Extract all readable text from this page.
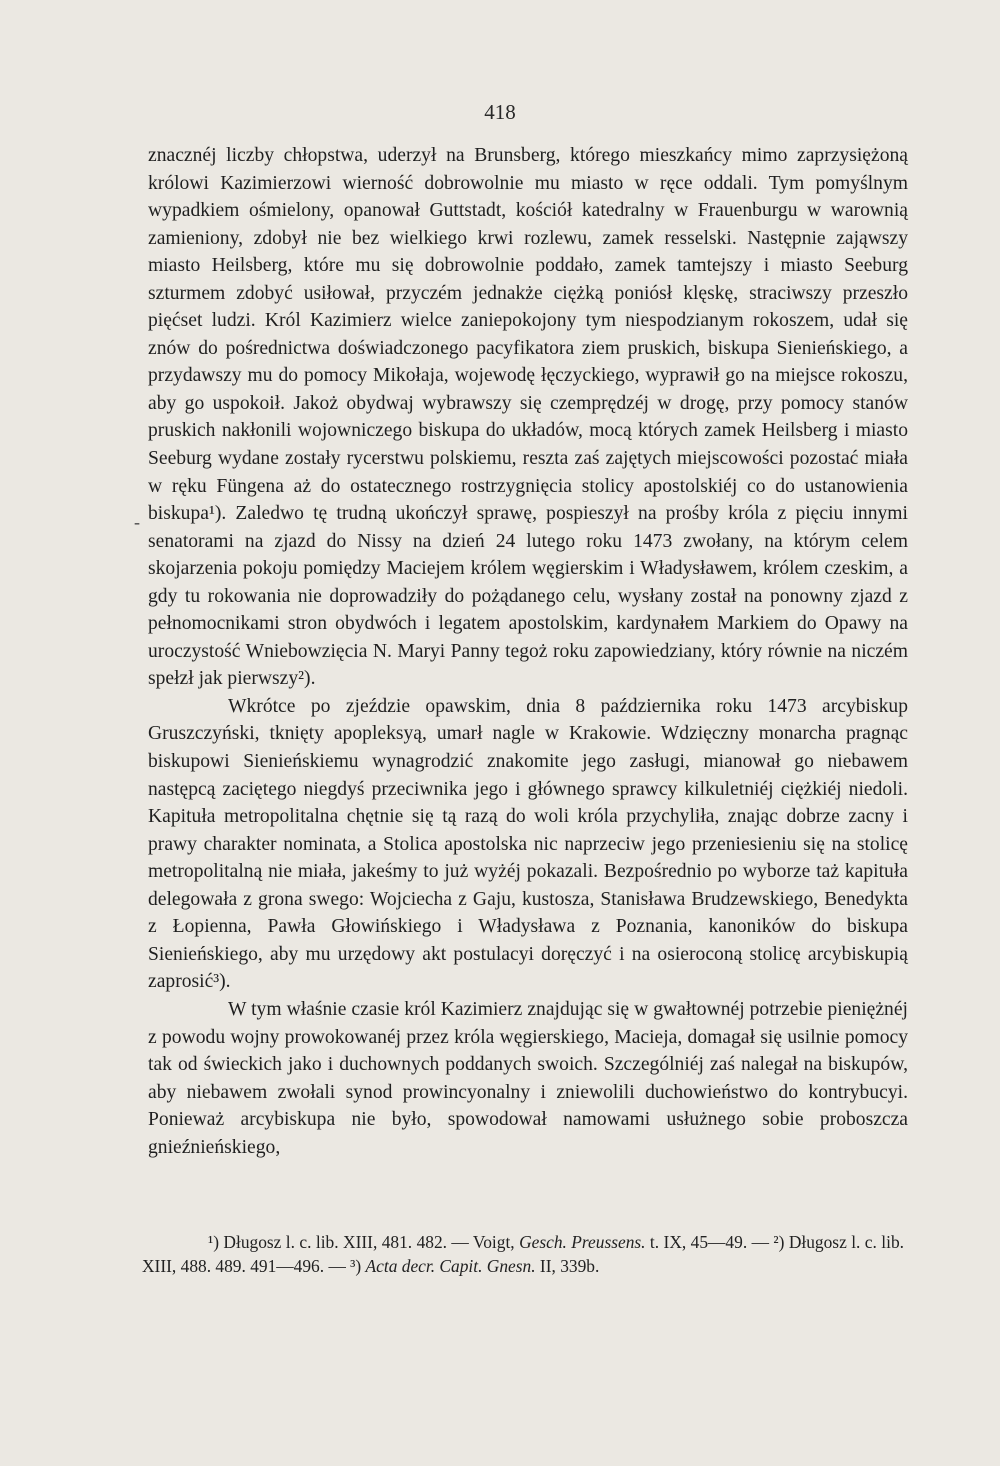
418
-

znacznéj liczby chłopstwa, uderzył na Brunsberg, którego mieszkańcy mimo zaprzysiężoną królowi Kazimierzowi wierność dobrowolnie mu miasto w ręce oddali. Tym pomyślnym wypadkiem ośmielony, opanował Guttstadt, kościół katedralny w Frauenburgu w warownią zamieniony, zdobył nie bez wielkiego krwi rozlewu, zamek resselski. Następnie zająwszy miasto Heilsberg, które mu się dobrowolnie poddało, zamek tamtejszy i miasto Seeburg szturmem zdobyć usiłował, przyczém jednakże ciężką poniósł klęskę, straciwszy przeszło pięćset ludzi. Król Kazimierz wielce zaniepokojony tym niespodzianym rokoszem, udał się znów do pośrednictwa doświadczonego pacyfikatora ziem pruskich, biskupa Sienieńskiego, a przydawszy mu do pomocy Mikołaja, wojewodę łęczyckiego, wyprawił go na miejsce rokoszu, aby go uspokoił. Jakoż obydwaj wybrawszy się czemprędzéj w drogę, przy pomocy stanów pruskich nakłonili wojowniczego biskupa do układów, mocą których zamek Heilsberg i miasto Seeburg wydane zostały rycerstwu polskiemu, reszta zaś zajętych miejscowości pozostać miała w ręku Füngena aż do ostatecznego rostrzygnięcia stolicy apostolskiéj co do ustanowienia biskupa¹). Zaledwo tę trudną ukończył sprawę, pospieszył na prośby króla z pięciu innymi senatorami na zjazd do Nissy na dzień 24 lutego roku 1473 zwołany, na którym celem skojarzenia pokoju pomiędzy Maciejem królem węgierskim i Władysławem, królem czeskim, a gdy tu rokowania nie doprowadziły do pożądanego celu, wysłany został na ponowny zjazd z pełnomocnikami stron obydwóch i legatem apostolskim, kardynałem Markiem do Opawy na uroczystość Wniebowzięcia N. Maryi Panny tegoż roku zapowiedziany, który równie na niczém spełzł jak pierwszy²).

Wkrótce po zjeździe opawskim, dnia 8 października roku 1473 arcybiskup Gruszczyński, tknięty apopleksyą, umarł nagle w Krakowie. Wdzięczny monarcha pragnąc biskupowi Sienieńskiemu wynagrodzić znakomite jego zasługi, mianował go niebawem następcą zaciętego niegdyś przeciwnika jego i głównego sprawcy kilkuletniéj ciężkiéj niedoli. Kapituła metropolitalna chętnie się tą razą do woli króla przychyliła, znając dobrze zacny i prawy charakter nominata, a Stolica apostolska nic naprzeciw jego przeniesieniu się na stolicę metropolitalną nie miała, jakeśmy to już wyżéj pokazali. Bezpośrednio po wyborze taż kapituła delegowała z grona swego: Wojciecha z Gaju, kustosza, Stanisława Brudzewskiego, Benedykta z Łopienna, Pawła Głowińskiego i Władysława z Poznania, kanoników do biskupa Sienieńskiego, aby mu urzędowy akt postulacyi doręczyć i na osieroconą stolicę arcybiskupią zaprosić³).

W tym właśnie czasie król Kazimierz znajdując się w gwałtownéj potrzebie pieniężnéj z powodu wojny prowokowanéj przez króla węgierskiego, Macieja, domagał się usilnie pomocy tak od świeckich jako i duchownych poddanych swoich. Szczególniéj zaś nalegał na biskupów, aby niebawem zwołali synod prowincyonalny i zniewolili duchowieństwo do kontrybucyi. Ponieważ arcybiskupa nie było, spowodował namowami usłużnego sobie proboszcza gnieźnieńskiego,

¹) Długosz l. c. lib. XIII, 481. 482. — Voigt, Gesch. Preussens. t. IX, 45—49. — ²) Długosz l. c. lib. XIII, 488. 489. 491—496. — ³) Acta decr. Capit. Gnesn. II, 339b.
